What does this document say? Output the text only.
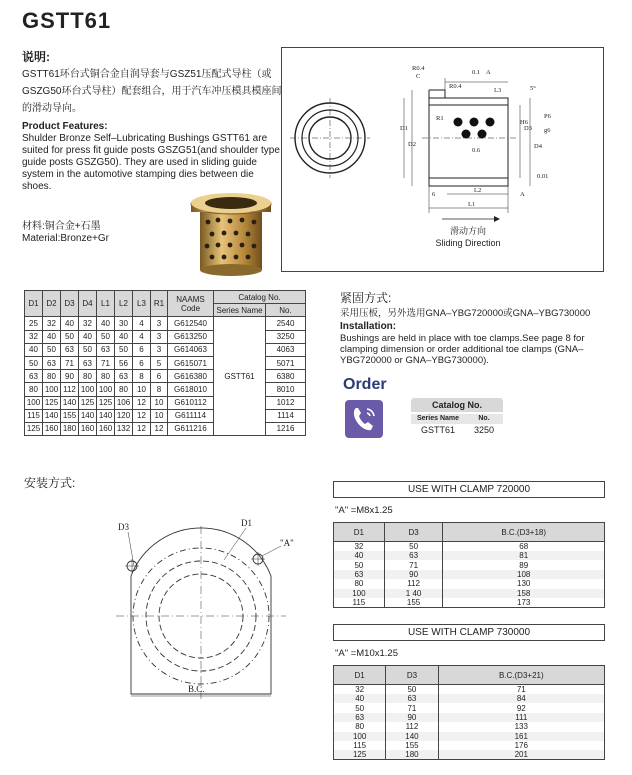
GSTT61
说明:
GSTT61环台式铜合金自润导套与GSZ51压配式导柱（或GSZG50环台式导柱）配套组合，用于汽车冲压模具模座间的滑动导向。
Product Features:
Shulder Bronze Self–Lubricating Bushings GSTT61 are suited for press fit guide posts GSZG51(and shoulder type guide posts GSZG50). They are used in sliding guide system in the automotive stamping dies between die shoes.
材料:铜合金+石墨
Material:Bronze+Gr
R0.4
C
R0.4
0.1 A
L3
R1
0.6
6
L2
L1
A
0.01
5°
D1
D2
D3
D4
H6
P6
g6
滑动方向
Sliding Direction
D1	D2	D3	D4	L1	L2	L3	R1	NAAMS Code	Catalog No.	
									Series Name	No.
25	32	40	32	40	30	4	3	G612540	GSTT61	2540
32	40	50	40	50	40	4	3	G613250		3250
40	50	63	50	63	50	6	3	G614063		4063
50	63	71	63	71	56	6	5	G615071		5071
63	80	90	80	80	63	8	6	G616380		6380
80	100	112	100	100	80	10	8	G618010		8010
100	125	140	125	125	106	12	10	G610112		1012
115	140	155	140	140	120	12	10	G611114		1114
125	160	180	160	160	132	12	12	G611216		1216
紧固方式:
采用压板，另外选用GNA–YBG720000或GNA–YBG730000
Installation:
Bushings are held in place with toe clamps.See page 8 for clamping dimension or order additional toe clamps (GNA–YBG720000 or GNA–YBG730000).
Order
Catalog No.
Series Name	No.
GSTT61	3250
安装方式:
D3	D1
"A"
B.C.
USE WITH CLAMP 720000
"A" =M8x1.25
D1	D3	B.C.(D3+18)
32	50	68
40	63	81
50	71	89
63	90	108
80	112	130
100	1 40	158
115	155	173
USE WITH CLAMP 730000
"A" =M10x1.25
D1	D3	B.C.(D3+21)
32	50	71
40	63	84
50	71	92
63	90	111
80	112	133
100	140	161
115	155	176
125	180	201
